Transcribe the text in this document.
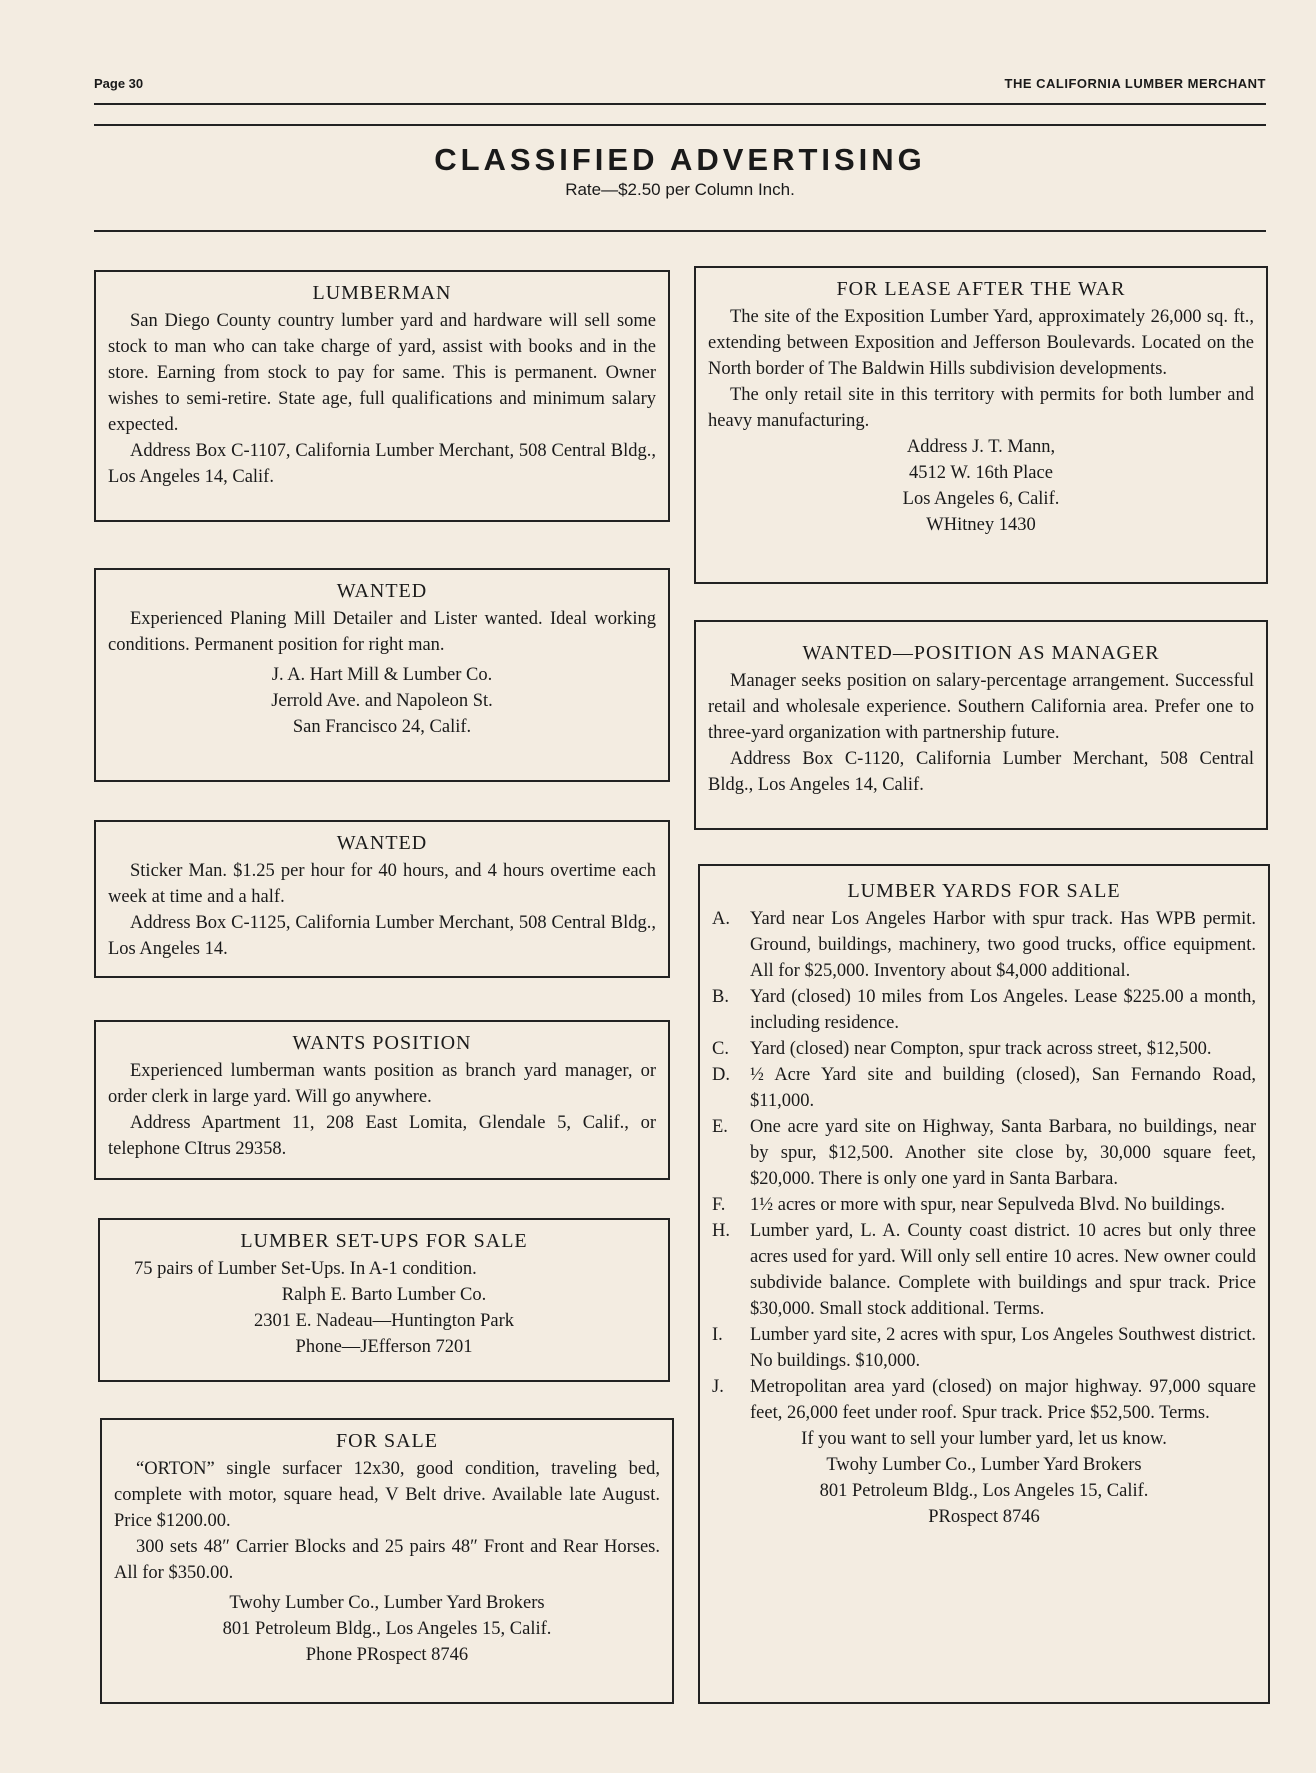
Page 30	THE CALIFORNIA LUMBER MERCHANT
CLASSIFIED ADVERTISING
Rate—$2.50 per Column Inch.
LUMBERMAN

San Diego County country lumber yard and hardware will sell some stock to man who can take charge of yard, assist with books and in the store. Earning from stock to pay for same. This is permanent. Owner wishes to semi-retire. State age, full qualifications and minimum salary expected.

Address Box C-1107, California Lumber Merchant, 508 Central Bldg., Los Angeles 14, Calif.

WANTED

Experienced Planing Mill Detailer and Lister wanted. Ideal working conditions. Permanent position for right man.

J. A. Hart Mill & Lumber Co.

Jerrold Ave. and Napoleon St.

San Francisco 24, Calif.

WANTED

Sticker Man. $1.25 per hour for 40 hours, and 4 hours overtime each week at time and a half.

Address Box C-1125, California Lumber Merchant, 508 Central Bldg., Los Angeles 14.

WANTS POSITION

Experienced lumberman wants position as branch yard manager, or order clerk in large yard. Will go anywhere.

Address Apartment 11, 208 East Lomita, Glendale 5, Calif., or telephone CItrus 29358.

LUMBER SET-UPS FOR SALE

75 pairs of Lumber Set-Ups. In A-1 condition.

Ralph E. Barto Lumber Co.

2301 E. Nadeau—Huntington Park

Phone—JEfferson 7201

FOR SALE

“ORTON” single surfacer 12x30, good condition, traveling bed, complete with motor, square head, V Belt drive. Available late August. Price $1200.00.

300 sets 48″ Carrier Blocks and 25 pairs 48″ Front and Rear Horses. All for $350.00.

Twohy Lumber Co., Lumber Yard Brokers

801 Petroleum Bldg., Los Angeles 15, Calif.

Phone PRospect 8746

FOR LEASE AFTER THE WAR

The site of the Exposition Lumber Yard, approximately 26,000 sq. ft., extending between Exposition and Jefferson Boulevards. Located on the North border of The Baldwin Hills subdivision developments.

The only retail site in this territory with permits for both lumber and heavy manufacturing.

Address J. T. Mann,

4512 W. 16th Place

Los Angeles 6, Calif.

WHitney 1430

WANTED—POSITION AS MANAGER

Manager seeks position on salary-percentage arrangement. Successful retail and wholesale experience. Southern California area. Prefer one to three-yard organization with partnership future.

Address Box C-1120, California Lumber Merchant, 508 Central Bldg., Los Angeles 14, Calif.

LUMBER YARDS FOR SALE
A.	Yard near Los Angeles Harbor with spur track. Has WPB permit. Ground, buildings, machinery, two good trucks, office equipment. All for $25,000. Inventory about $4,000 additional.
B.	Yard (closed) 10 miles from Los Angeles. Lease $225.00 a month, including residence.
C.	Yard (closed) near Compton, spur track across street, $12,500.
D.	½ Acre Yard site and building (closed), San Fernando Road, $11,000.
E.	One acre yard site on Highway, Santa Barbara, no buildings, near by spur, $12,500. Another site close by, 30,000 square feet, $20,000. There is only one yard in Santa Barbara.
F.	1½ acres or more with spur, near Sepulveda Blvd. No buildings.
H.	Lumber yard, L. A. County coast district. 10 acres but only three acres used for yard. Will only sell entire 10 acres. New owner could subdivide balance. Complete with buildings and spur track. Price $30,000. Small stock additional. Terms.
I.	Lumber yard site, 2 acres with spur, Los Angeles Southwest district. No buildings. $10,000.
J.	Metropolitan area yard (closed) on major highway. 97,000 square feet, 26,000 feet under roof. Spur track. Price $52,500. Terms.

If you want to sell your lumber yard, let us know.

Twohy Lumber Co., Lumber Yard Brokers

801 Petroleum Bldg., Los Angeles 15, Calif.

PRospect 8746
